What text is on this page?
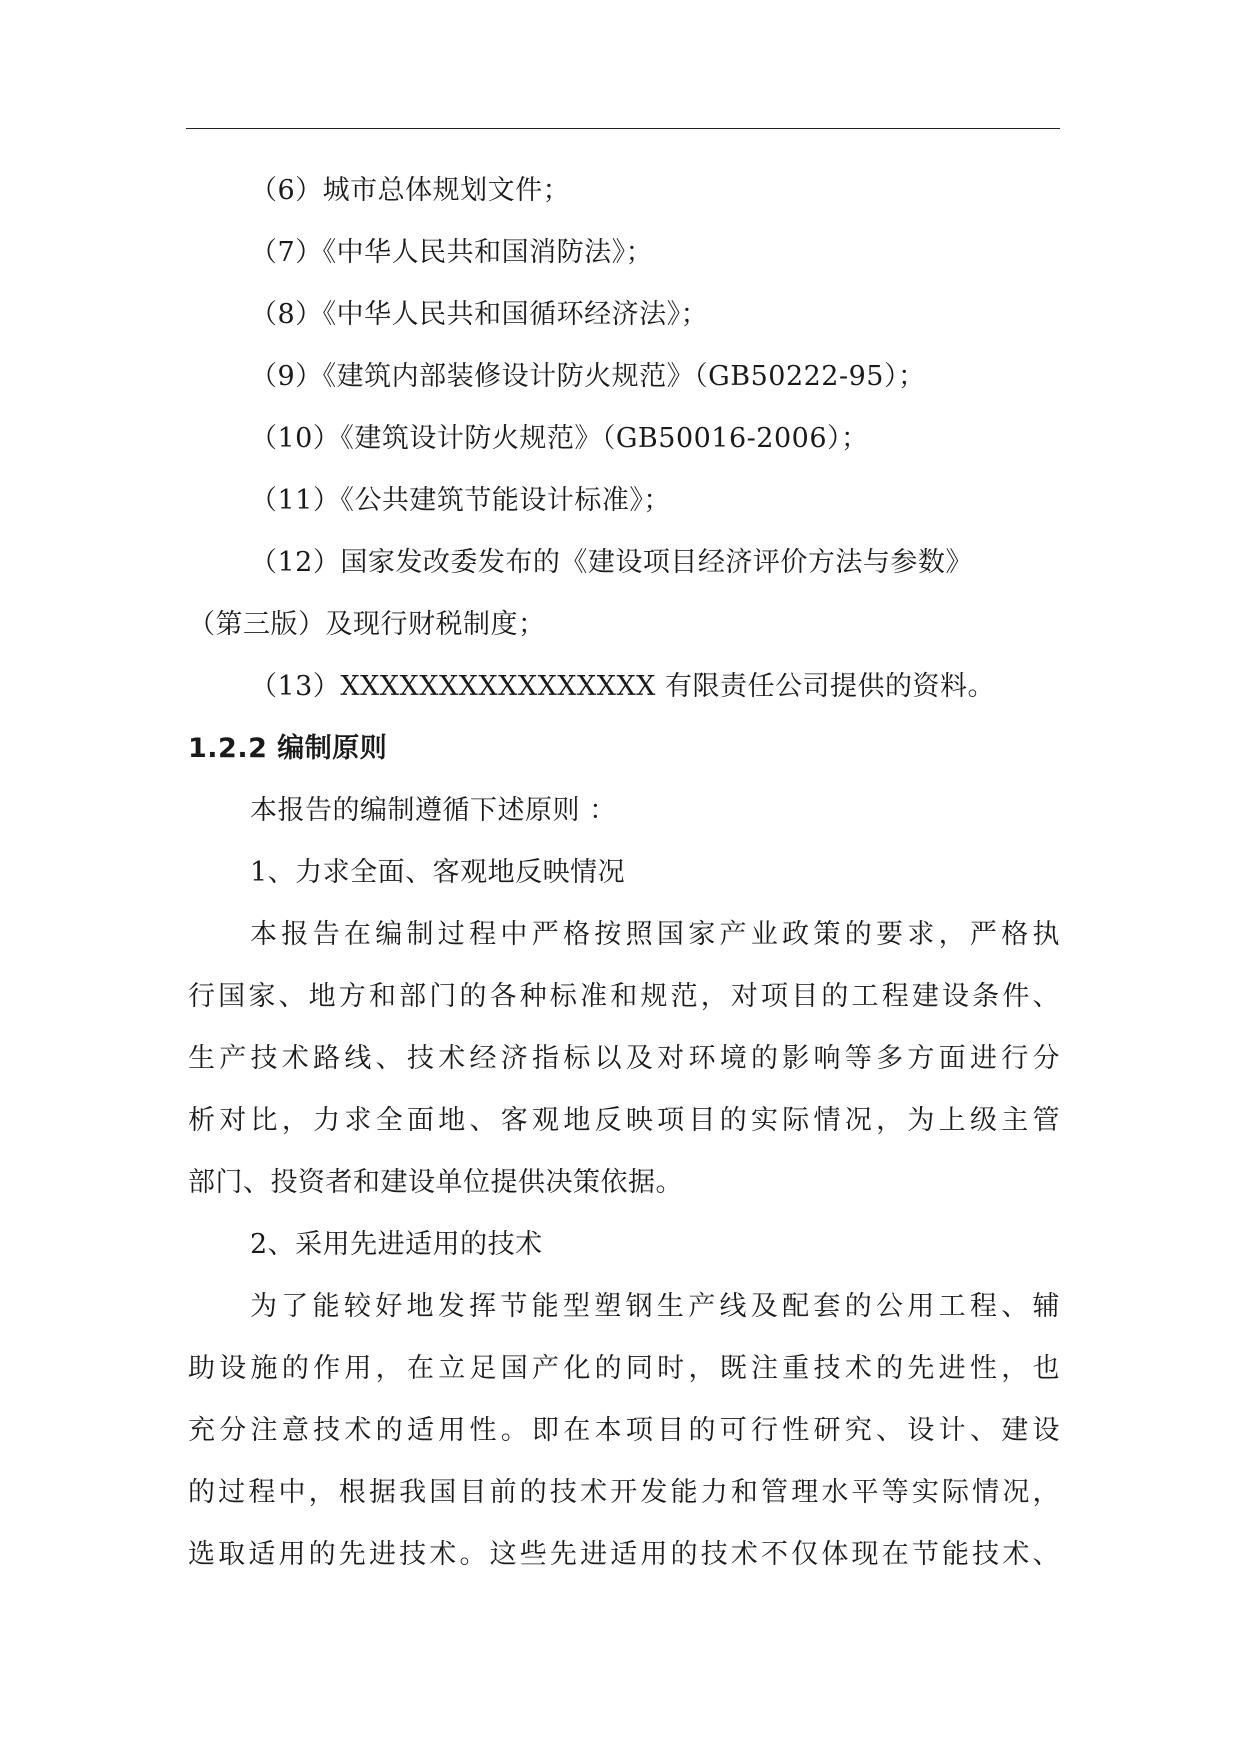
（6）城市总体规划文件；
（7）《中华人民共和国消防法》；
（8）《中华人民共和国循环经济法》；
（9）《建筑内部装修设计防火规范》（GB50222-95）；
（10）《建筑设计防火规范》（GB50016-2006）；
（11）《公共建筑节能设计标准》；
（12）国家发改委发布的《建设项目经济评价方法与参数》
（第三版）及现行财税制度；
（13）XXXXXXXXXXXXXXXX 有限责任公司提供的资料。
1.2.2 编制原则
本报告的编制遵循下述原则 ：
1、力求全面、客观地反映情况
本报告在编制过程中严格按照国家产业政策的要求，严格执
行国家、地方和部门的各种标准和规范，对项目的工程建设条件、
生产技术路线、技术经济指标以及对环境的影响等多方面进行分
析对比，力求全面地、客观地反映项目的实际情况，为上级主管
部门、投资者和建设单位提供决策依据。
2、采用先进适用的技术
为了能较好地发挥节能型塑钢生产线及配套的公用工程、辅
助设施的作用，在立足国产化的同时，既注重技术的先进性，也
充分注意技术的适用性。即在本项目的可行性研究、设计、建设
的过程中，根据我国目前的技术开发能力和管理水平等实际情况，
选取适用的先进技术。这些先进适用的技术不仅体现在节能技术、
